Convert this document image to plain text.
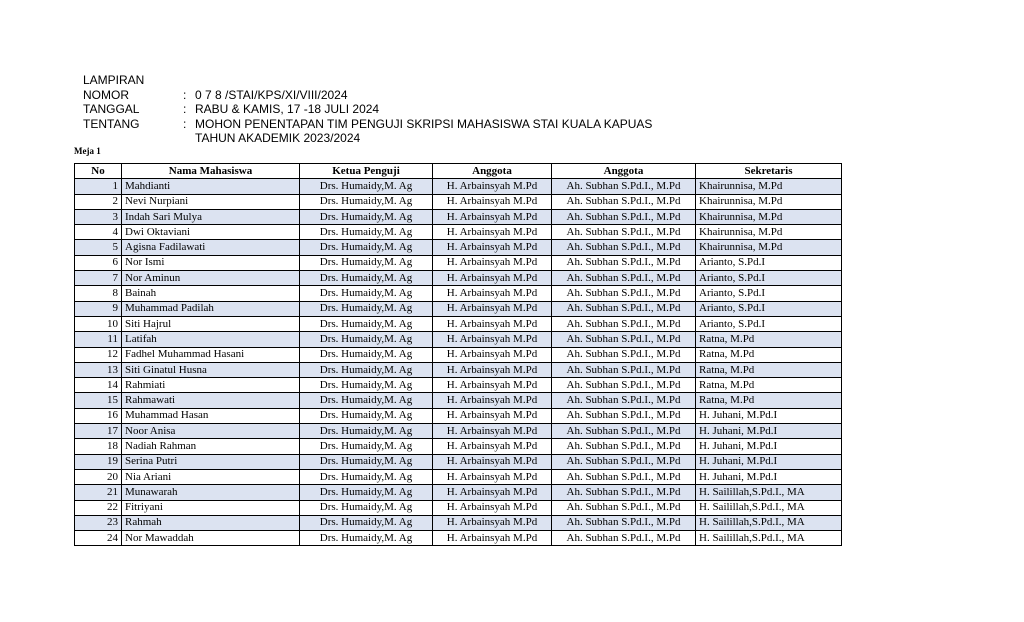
LAMPIRAN
NOMOR	: 0 7 8 /STAI/KPS/XI/VIII/2024
TANGGAL	: RABU & KAMIS, 17 -18 JULI 2024
TENTANG	: MOHON PENENTAPAN TIM PENGUJI SKRIPSI MAHASISWA STAI KUALA KAPUAS
TAHUN AKADEMIK 2023/2024
Meja 1
No	Nama Mahasiswa	Ketua Penguji	Anggota	Anggota	Sekretaris
1	Mahdianti	Drs. Humaidy,M. Ag	H. Arbainsyah M.Pd	Ah. Subhan S.Pd.I., M.Pd	Khairunnisa, M.Pd
2	Nevi Nurpiani	Drs. Humaidy,M. Ag	H. Arbainsyah M.Pd	Ah. Subhan S.Pd.I., M.Pd	Khairunnisa, M.Pd
3	Indah Sari Mulya	Drs. Humaidy,M. Ag	H. Arbainsyah M.Pd	Ah. Subhan S.Pd.I., M.Pd	Khairunnisa, M.Pd
4	Dwi Oktaviani	Drs. Humaidy,M. Ag	H. Arbainsyah M.Pd	Ah. Subhan S.Pd.I., M.Pd	Khairunnisa, M.Pd
5	Agisna Fadilawati	Drs. Humaidy,M. Ag	H. Arbainsyah M.Pd	Ah. Subhan S.Pd.I., M.Pd	Khairunnisa, M.Pd
6	Nor Ismi	Drs. Humaidy,M. Ag	H. Arbainsyah M.Pd	Ah. Subhan S.Pd.I., M.Pd	Arianto, S.Pd.I
7	Nor Aminun	Drs. Humaidy,M. Ag	H. Arbainsyah M.Pd	Ah. Subhan S.Pd.I., M.Pd	Arianto, S.Pd.I
8	Bainah	Drs. Humaidy,M. Ag	H. Arbainsyah M.Pd	Ah. Subhan S.Pd.I., M.Pd	Arianto, S.Pd.I
9	Muhammad Padilah	Drs. Humaidy,M. Ag	H. Arbainsyah M.Pd	Ah. Subhan S.Pd.I., M.Pd	Arianto, S.Pd.I
10	Siti Hajrul	Drs. Humaidy,M. Ag	H. Arbainsyah M.Pd	Ah. Subhan S.Pd.I., M.Pd	Arianto, S.Pd.I
11	Latifah	Drs. Humaidy,M. Ag	H. Arbainsyah M.Pd	Ah. Subhan S.Pd.I., M.Pd	Ratna, M.Pd
12	Fadhel Muhammad Hasani	Drs. Humaidy,M. Ag	H. Arbainsyah M.Pd	Ah. Subhan S.Pd.I., M.Pd	Ratna, M.Pd
13	Siti Ginatul Husna	Drs. Humaidy,M. Ag	H. Arbainsyah M.Pd	Ah. Subhan S.Pd.I., M.Pd	Ratna, M.Pd
14	Rahmiati	Drs. Humaidy,M. Ag	H. Arbainsyah M.Pd	Ah. Subhan S.Pd.I., M.Pd	Ratna, M.Pd
15	Rahmawati	Drs. Humaidy,M. Ag	H. Arbainsyah M.Pd	Ah. Subhan S.Pd.I., M.Pd	Ratna, M.Pd
16	Muhammad Hasan	Drs. Humaidy,M. Ag	H. Arbainsyah M.Pd	Ah. Subhan S.Pd.I., M.Pd	H. Juhani, M.Pd.I
17	Noor Anisa	Drs. Humaidy,M. Ag	H. Arbainsyah M.Pd	Ah. Subhan S.Pd.I., M.Pd	H. Juhani, M.Pd.I
18	Nadiah Rahman	Drs. Humaidy,M. Ag	H. Arbainsyah M.Pd	Ah. Subhan S.Pd.I., M.Pd	H. Juhani, M.Pd.I
19	Serina Putri	Drs. Humaidy,M. Ag	H. Arbainsyah M.Pd	Ah. Subhan S.Pd.I., M.Pd	H. Juhani, M.Pd.I
20	Nia Ariani	Drs. Humaidy,M. Ag	H. Arbainsyah M.Pd	Ah. Subhan S.Pd.I., M.Pd	H. Juhani, M.Pd.I
21	Munawarah	Drs. Humaidy,M. Ag	H. Arbainsyah M.Pd	Ah. Subhan S.Pd.I., M.Pd	H. Sailillah,S.Pd.I., MA
22	Fitriyani	Drs. Humaidy,M. Ag	H. Arbainsyah M.Pd	Ah. Subhan S.Pd.I., M.Pd	H. Sailillah,S.Pd.I., MA
23	Rahmah	Drs. Humaidy,M. Ag	H. Arbainsyah M.Pd	Ah. Subhan S.Pd.I., M.Pd	H. Sailillah,S.Pd.I., MA
24	Nor Mawaddah	Drs. Humaidy,M. Ag	H. Arbainsyah M.Pd	Ah. Subhan S.Pd.I., M.Pd	H. Sailillah,S.Pd.I., MA
